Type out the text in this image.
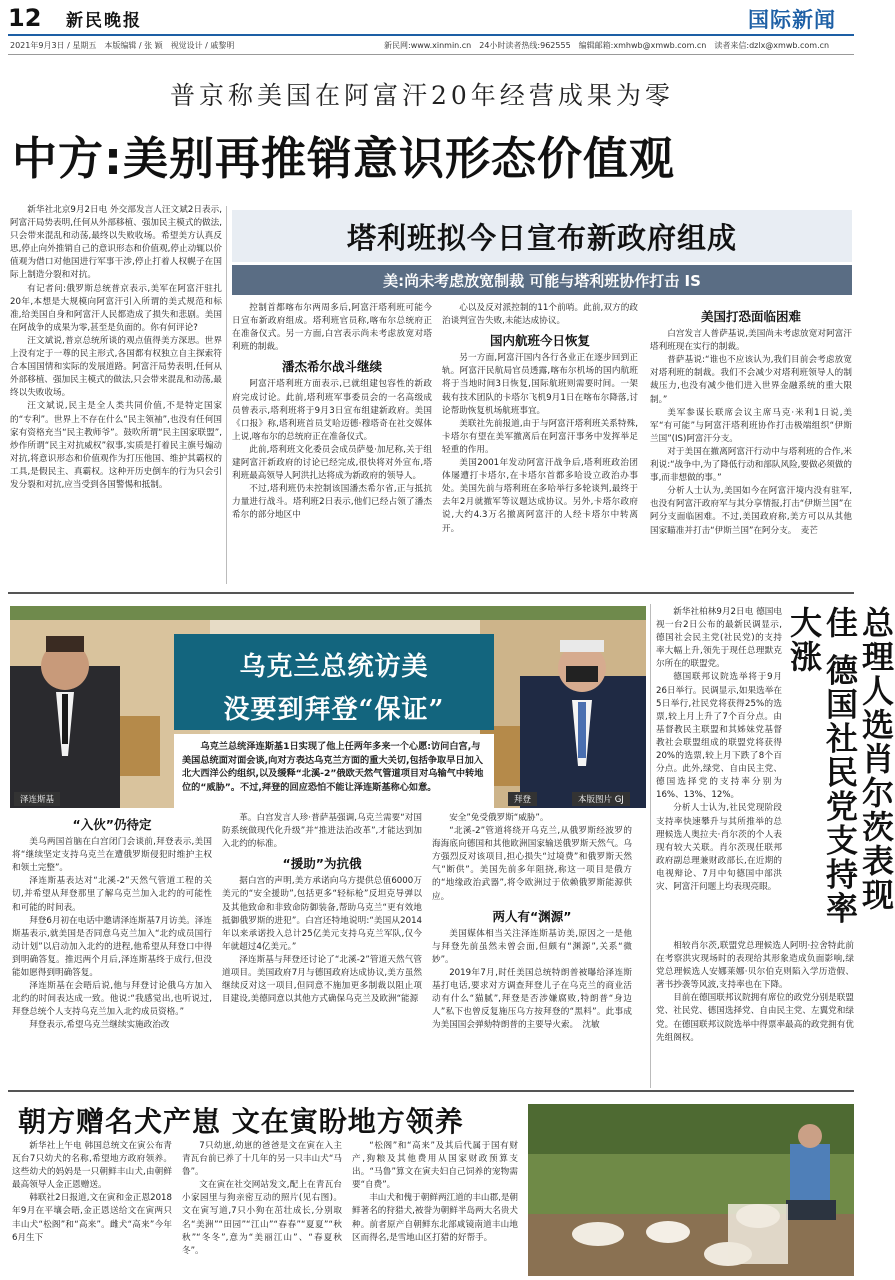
12 新民晚报	国际新闻
2021年9月3日 / 星期五　本版编辑 / 张 颖　视觉设计 / 戚黎明	新民网:www.xinmin.cn　24小时读者热线:962555　编辑邮箱:xmhwb@xmwb.com.cn　读者来信:dzlx@xmwb.com.cn
普京称美国在阿富汗20年经营成果为零
中方:美别再推销意识形态价值观

新华社北京9月2日电 外交部发言人汪文斌2日表示,阿富汗局势表明,任何从外部移植、强加民主模式的做法,只会带来混乱和动荡,最终以失败收场。希望美方认真反思,停止向外推销自己的意识形态和价值观,停止动辄以价值观为借口对他国进行军事干涉,停止打着人权幌子在国际上制造分裂和对抗。

有记者问:俄罗斯总统普京表示,美军在阿富汗驻扎20年,本想是大规模向阿富汗引入所谓的美式规范和标准,给美国自身和阿富汗人民都造成了损失和悲剧。美国在阿战争的成果为零,甚至是负面的。你有何评论?

汪文斌说,普京总统所谈的观点值得美方深思。世界上没有定于一尊的民主形式,各国都有权独立自主探索符合本国国情和实际的发展道路。阿富汗局势表明,任何从外部移植、强加民主模式的做法,只会带来混乱和动荡,最终以失败收场。

汪文斌说,民主是全人类共同价值,不是特定国家的“专利”。世界上不存在什么“民主领袖”,也没有任何国家有资格充当“民主教师爷”。鼓吹所谓“民主国家联盟”,炒作所谓“民主对抗威权”叙事,实质是打着民主旗号煽动对抗,将意识形态和价值观作为打压他国、维护其霸权的工具,是假民主、真霸权。这种开历史倒车的行为只会引发分裂和对抗,应当受到各国警惕和抵制。

塔利班拟今日宣布新政府组成
美:尚未考虑放宽制裁 可能与塔利班协作打击 IS

控制首都喀布尔两周多后,阿富汗塔利班可能今日宣布新政府组成。塔利班官员称,喀布尔总统府正在准备仪式。另一方面,白宫表示尚未考虑放宽对塔利班的制裁。

潘杰希尔战斗继续

阿富汗塔利班方面表示,已就组建包容性的新政府完成讨论。此前,塔利班军事委员会的一名高级成员曾表示,塔利班将于9月3日宣布组建新政府。美国《口报》称,塔利班首员艾哈迈德·穆塔奇在社交媒体上说,喀布尔的总统府正在准备仪式。

此前,塔利班文化委员会成员萨曼·加尼称,关于组建阿富汗新政府的讨论已经完成,很快将对外宣布,塔利班最高领导人阿洪扎达将成为新政府的领导人。

不过,塔利班仍未控制该国潘杰希尔省,正与抵抗力量进行战斗。塔利班2日表示,他们已经占领了潘杰希尔的部分地区中

心以及反对派控制的11个前哨。此前,双方的政治谈判宣告失败,未能达成协议。

国内航班今日恢复

另一方面,阿富汗国内各行各业正在逐步回到正轨。阿富汗民航局官员透露,喀布尔机场的国内航班将于当地时间3日恢复,国际航班则需要时间。一架载有技术团队的卡塔尔飞机9月1日在喀布尔降落,讨论帮助恢复机场航班事宜。

美联社先前报道,由于与阿富汗塔利班关系特殊,卡塔尔有望在美军撤离后在阿富汗事务中发挥举足轻重的作用。

美国2001年发动阿富汗战争后,塔利班政治团体屡遭打卡塔尔,在卡塔尔首都多哈设立政治办事处。美国先前与塔利班在多哈举行多轮谈判,最终于去年2月就撤军等议题达成协议。另外,卡塔尔政府说,大约4.3万名撤离阿富汗的人经卡塔尔中转离开。

美国打恐面临困难

白宫发言人普萨基说,美国尚未考虑放宽对阿富汗塔利班现在实行的制裁。

普萨基说:“谁也不应该认为,我们目前会考虑放宽对塔利班的制裁。我们不会减少对塔利班领导人的制裁压力,也没有减少他们进入世界金融系统的重大限制。”

美军参谋长联席会议主席马克·米利1日说,美军“有可能”与阿富汗塔利班协作打击极端组织“伊斯兰国”(IS)阿富汗分支。

对于美国在撤离阿富汗行动中与塔利班的合作,米利说:“战争中,为了降低行动和部队风险,要做必须做的事,而非想做的事。”

分析人士认为,美国如今在阿富汗境内没有驻军,也没有阿富汗政府军与其分享情报,打击“伊斯兰国”在阿分支面临困难。不过,美国政府称,美方可以从其他国家瞄准并打击“伊斯兰国”在阿分支。　麦芒

乌克兰总统访美
没要到拜登“保证”
乌克兰总统泽连斯基1日实现了他上任两年多来一个心愿:访问白宫,与美国总统面对面会谈,向对方表达乌克兰方面的重大关切,包括争取早日加入北大西洋公约组织,以及缓释“北溪-2”俄欧天然气管道项目对乌输气中转地位的“威胁”。不过,拜登的回应恐怕不能让泽连斯基称心如意。
泽连斯基	拜登	本版图片 GJ
“入伙”仍待定

美乌两国首脑在白宫闭门会谈前,拜登表示,美国将“继续坚定支持乌克兰在遭俄罗斯侵犯时维护主权和领土完整”。

泽连斯基表达对“北溪-2”天然气管道工程的关切,并希望从拜登那里了解乌克兰加入北约的可能性和可能的时间表。

拜登6月初在电话中邀请泽连斯基7月访美。泽连斯基表示,就美国是否同意乌克兰加入“北约成员国行动计划”以启动加入北约的进程,他希望从拜登口中得到明确答复。推迟两个月后,泽连斯基终于成行,但没能如愿得到明确答复。

泽连斯基在会晤后说,他与拜登讨论俄乌方加入北约的时间表达成一致。他说:“我感觉出,也听说过,拜登总统个人支持乌克兰加入北约成员资格。”

拜登表示,希望乌克兰继续实施政治改

革。白宫发言人珍·普萨基强调,乌克兰需要“对国防系统做现代化升级”并“推进法治改革”,才能达到加入北约的标准。

“援助”为抗俄

据白宫的声明,美方承诺向乌方提供总值6000万美元的“安全援助”,包括更多“轻标枪”反坦克导弹以及其他致命和非致命防御装备,帮助乌克兰“更有效地抵御俄罗斯的进犯”。白宫还特地说明:“美国从2014年以来承诺投入总计25亿美元支持乌克兰军队,仅今年就超过4亿美元。”

泽连斯基与拜登还讨论了“北溪-2”管道天然气管道项目。美国政府7月与德国政府达成协议,美方虽然继续反对这一项目,但同意不施加更多制裁以阻止项目建设,美德同意以其他方式确保乌克兰及欧洲“能源

安全”免受俄罗斯“威胁”。

“北溪-2”管道将绕开乌克兰,从俄罗斯经波罗的海海底向德国和其他欧洲国家输送俄罗斯天然气。乌方强烈反对该项目,担心损失“过境费”和俄罗斯天然气“断供”。美国先前多年阻挠,称这一项目是俄方的“地缘政治武器”,将令欧洲过于依赖俄罗斯能源供应。

两人有“渊源”

美国媒体相当关注泽连斯基访美,原因之一是他与拜登先前虽然未曾会面,但颇有“渊源”,关系“微妙”。

2019年7月,时任美国总统特朗普被曝给泽连斯基打电话,要求对方调查拜登儿子在乌克兰的商业活动有什么“猫腻”,拜登是否涉嫌腐败,特朗普“身边人”私下也曾反复施压乌方按拜登的“黑料”。此事成为美国国会弹劾特朗普的主要导火索。　沈敏

总理人选肖尔茨表现佳 德国社民党支持率大涨

新华社柏林9月2日电 德国电视一台2日公布的最新民调显示,德国社会民主党(社民党)的支持率大幅上升,领先于现任总理默克尔所在的联盟党。

德国联邦议院选举将于9月26日举行。民调显示,如果选举在5日举行,社民党将获得25%的选票,较上月上升了7个百分点。由基督教民主联盟和其姊妹党基督教社会联盟组成的联盟党将获得20%的选票,较上月下跌了8个百分点。此外,绿党、自由民主党、德国选择党的支持率分别为16%、13%、12%。

分析人士认为,社民党现阶段支持率快速攀升与其所推举的总理候选人奥拉夫·肖尔茨的个人表现有较大关联。肖尔茨现任联邦政府副总理兼财政部长,在近期的电视辩论、7月中旬德国中部洪灾、阿富汗问题上均表现亮眼。

相较肖尔茨,联盟党总理候选人阿明·拉舍特此前在考察洪灾现场时的表现给其形象造成负面影响,绿党总理候选人安娜莱娜·贝尔伯克则陷入学历造假、著书抄袭等风波,支持率也在下降。

目前在德国联邦议院拥有席位的政党分别是联盟党、社民党、德国选择党、自由民主党、左翼党和绿党。在德国联邦议院选举中得票率最高的政党拥有优先组阁权。

朝方赠名犬产崽 文在寅盼地方领养

新华社上午电 韩国总统文在寅公布青瓦台7只幼犬的名称,希望地方政府领养。这些幼犬的妈妈是一只朝鲜丰山犬,由朝鲜最高领导人金正恩赠送。

韩联社2日报道,文在寅和金正恩2018年9月在平壤会晤,金正恩送给文在寅两只丰山犬“松阁”和“高来”。雌犬“高来”今年6月生下

7只幼崽,幼崽的爸爸是文在寅在入主青瓦台前已养了十几年的另一只丰山犬“马鲁”。

文在寅在社交网站发文,配上在青瓦台小家园里与狗亲密互动的照片(见右图)。文在寅写道,7只小狗在茁壮成长,分别取名“美洲”“田园”“江山”“春春”“夏夏”“秋秋”“冬冬”,意为“美丽江山”、“春夏秋冬”。

“松阁”和“高来”及其后代属于国有财产,狗粮及其他费用从国家财政预算支出。“马鲁”算文在寅夫妇自己饲养的宠物需要“自费”。

丰山犬和傀于朝鲜两江道的丰山郡,是朝鲜著名的狩猎犬,被誉为朝鲜半岛两大名贵犬种。前者原产自朝鲜东北部咸镜南道丰山地区而得名,是雪地山区打猎的好帮手。
